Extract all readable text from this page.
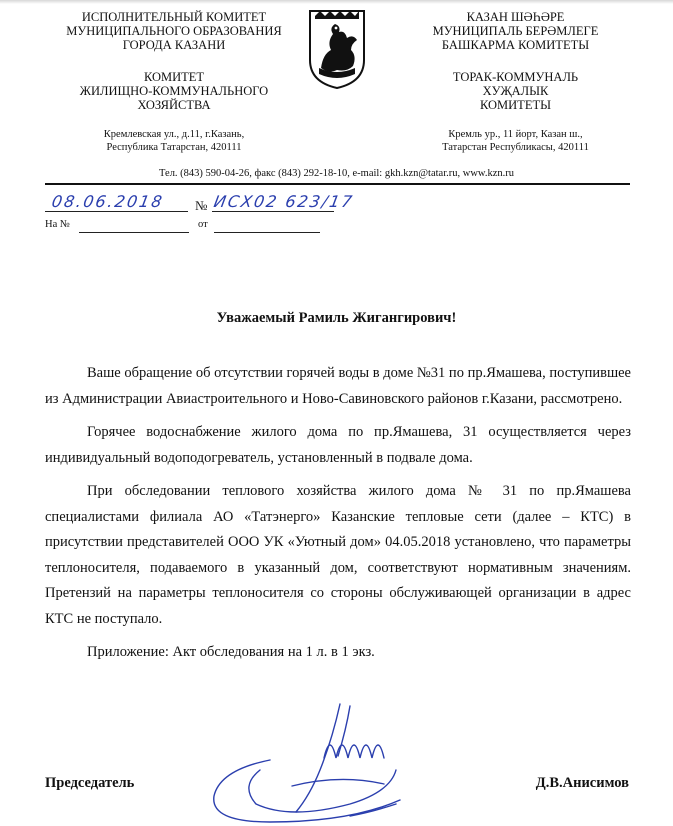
ИСПОЛНИТЕЛЬНЫЙ КОМИТЕТ
МУНИЦИПАЛЬНОГО ОБРАЗОВАНИЯ
ГОРОДА КАЗАНИ
КОМИТЕТ
ЖИЛИЩНО-КОММУНАЛЬНОГО
ХОЗЯЙСТВА
Кремлевская ул., д.11, г.Казань,
Республика Татарстан, 420111
КАЗАН ШӘҺӘРЕ
МУНИЦИПАЛЬ БЕРӘМЛЕГЕ
БАШКАРМА КОМИТЕТЫ
ТОРАК-КОММУНАЛЬ
ХУҖАЛЫК
КОМИТЕТЫ
Кремль ур., 11 йорт, Казан ш.,
Татарстан Республикасы, 420111
Тел. (843) 590-04-26, факс (843) 292-18-10, e-mail: gkh.kzn@tatar.ru, www.kzn.ru
08.06.2018 № ИСХ02 623/17
На №	от
Уважаемый Рамиль Жигангирович!

Ваше обращение об отсутствии горячей воды в доме №31 по пр.Ямашева, поступившее из Администрации Авиастроительного и Ново-Савиновского районов г.Казани, рассмотрено.

Горячее водоснабжение жилого дома по пр.Ямашева, 31 осуществляется через индивидуальный водоподогреватель, установленный в подвале дома.

При обследовании теплового хозяйства жилого дома № 31 по пр.Ямашева специалистами филиала АО «Татэнерго» Казанские тепловые сети (далее – КТС) в присутствии представителей ООО УК «Уютный дом» 04.05.2018 установлено, что параметры теплоносителя, подаваемого в указанный дом, соответствуют нормативным значениям. Претензий на параметры теплоносителя со стороны обслуживающей организации в адрес КТС не поступало.

Приложение: Акт обследования на 1 л. в 1 экз.

Председатель	Д.В.Анисимов
